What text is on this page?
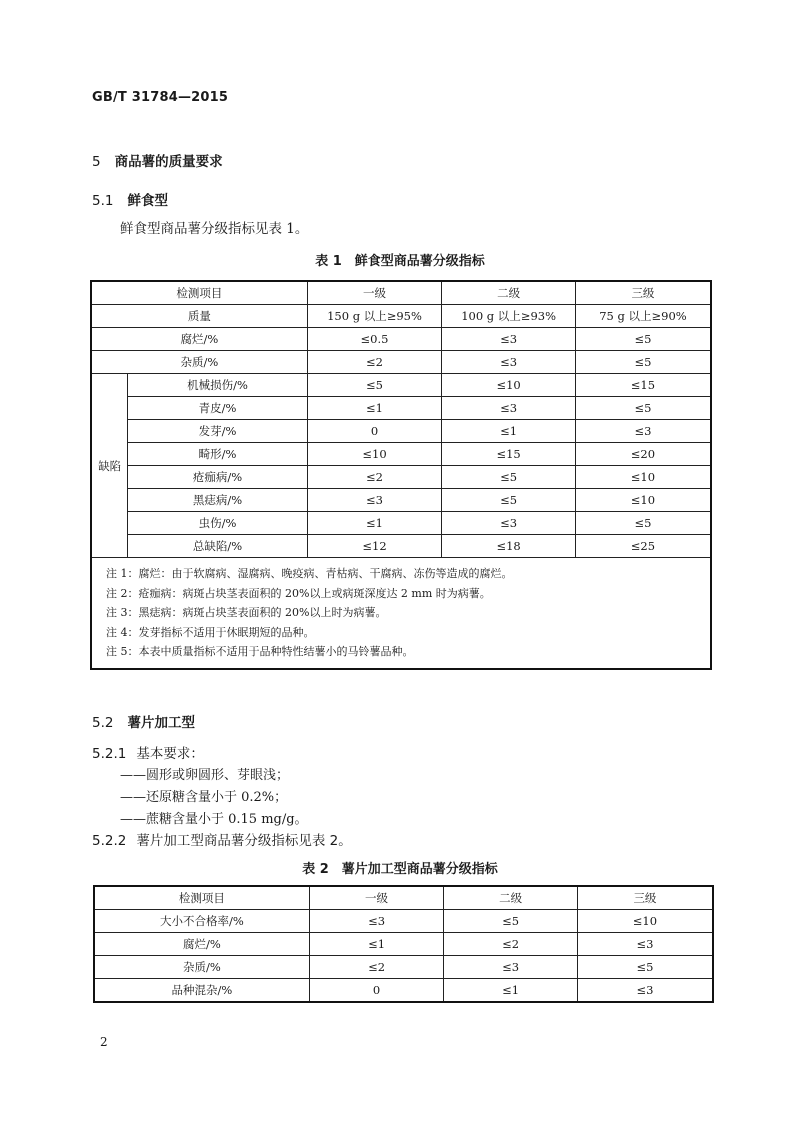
GB/T 31784—2015
5 商品薯的质量要求
5.1 鲜食型
鲜食型商品薯分级指标见表 1。
表 1　鲜食型商品薯分级指标
检测项目		一级	二级	三级
质量		150 g 以上≥95%	100 g 以上≥93%	75 g 以上≥90%
腐烂/%		≤0.5	≤3	≤5
杂质/%		≤2	≤3	≤5
缺陷	机械损伤/%	≤5	≤10	≤15
	青皮/%	≤1	≤3	≤5
	发芽/%	0	≤1	≤3
	畸形/%	≤10	≤15	≤20
	疮痂病/%	≤2	≤5	≤10
	黑痣病/%	≤3	≤5	≤10
	虫伤/%	≤1	≤3	≤5
	总缺陷/%	≤12	≤18	≤25

注 1：腐烂：由于软腐病、湿腐病、晚疫病、青枯病、干腐病、冻伤等造成的腐烂。
注 2：疮痂病：病斑占块茎表面积的 20%以上或病斑深度达 2 mm 时为病薯。
注 3：黑痣病：病斑占块茎表面积的 20%以上时为病薯。
注 4：发芽指标不适用于休眠期短的品种。
注 5：本表中质量指标不适用于品种特性结薯小的马铃薯品种。				
5.2 薯片加工型
5.2.1 基本要求：
——圆形或卵圆形、芽眼浅；
——还原糖含量小于 0.2%；
——蔗糖含量小于 0.15 mg/g。
5.2.2 薯片加工型商品薯分级指标见表 2。
表 2　薯片加工型商品薯分级指标
检测项目	一级	二级	三级
大小不合格率/%	≤3	≤5	≤10
腐烂/%	≤1	≤2	≤3
杂质/%	≤2	≤3	≤5
品种混杂/%	0	≤1	≤3
2
